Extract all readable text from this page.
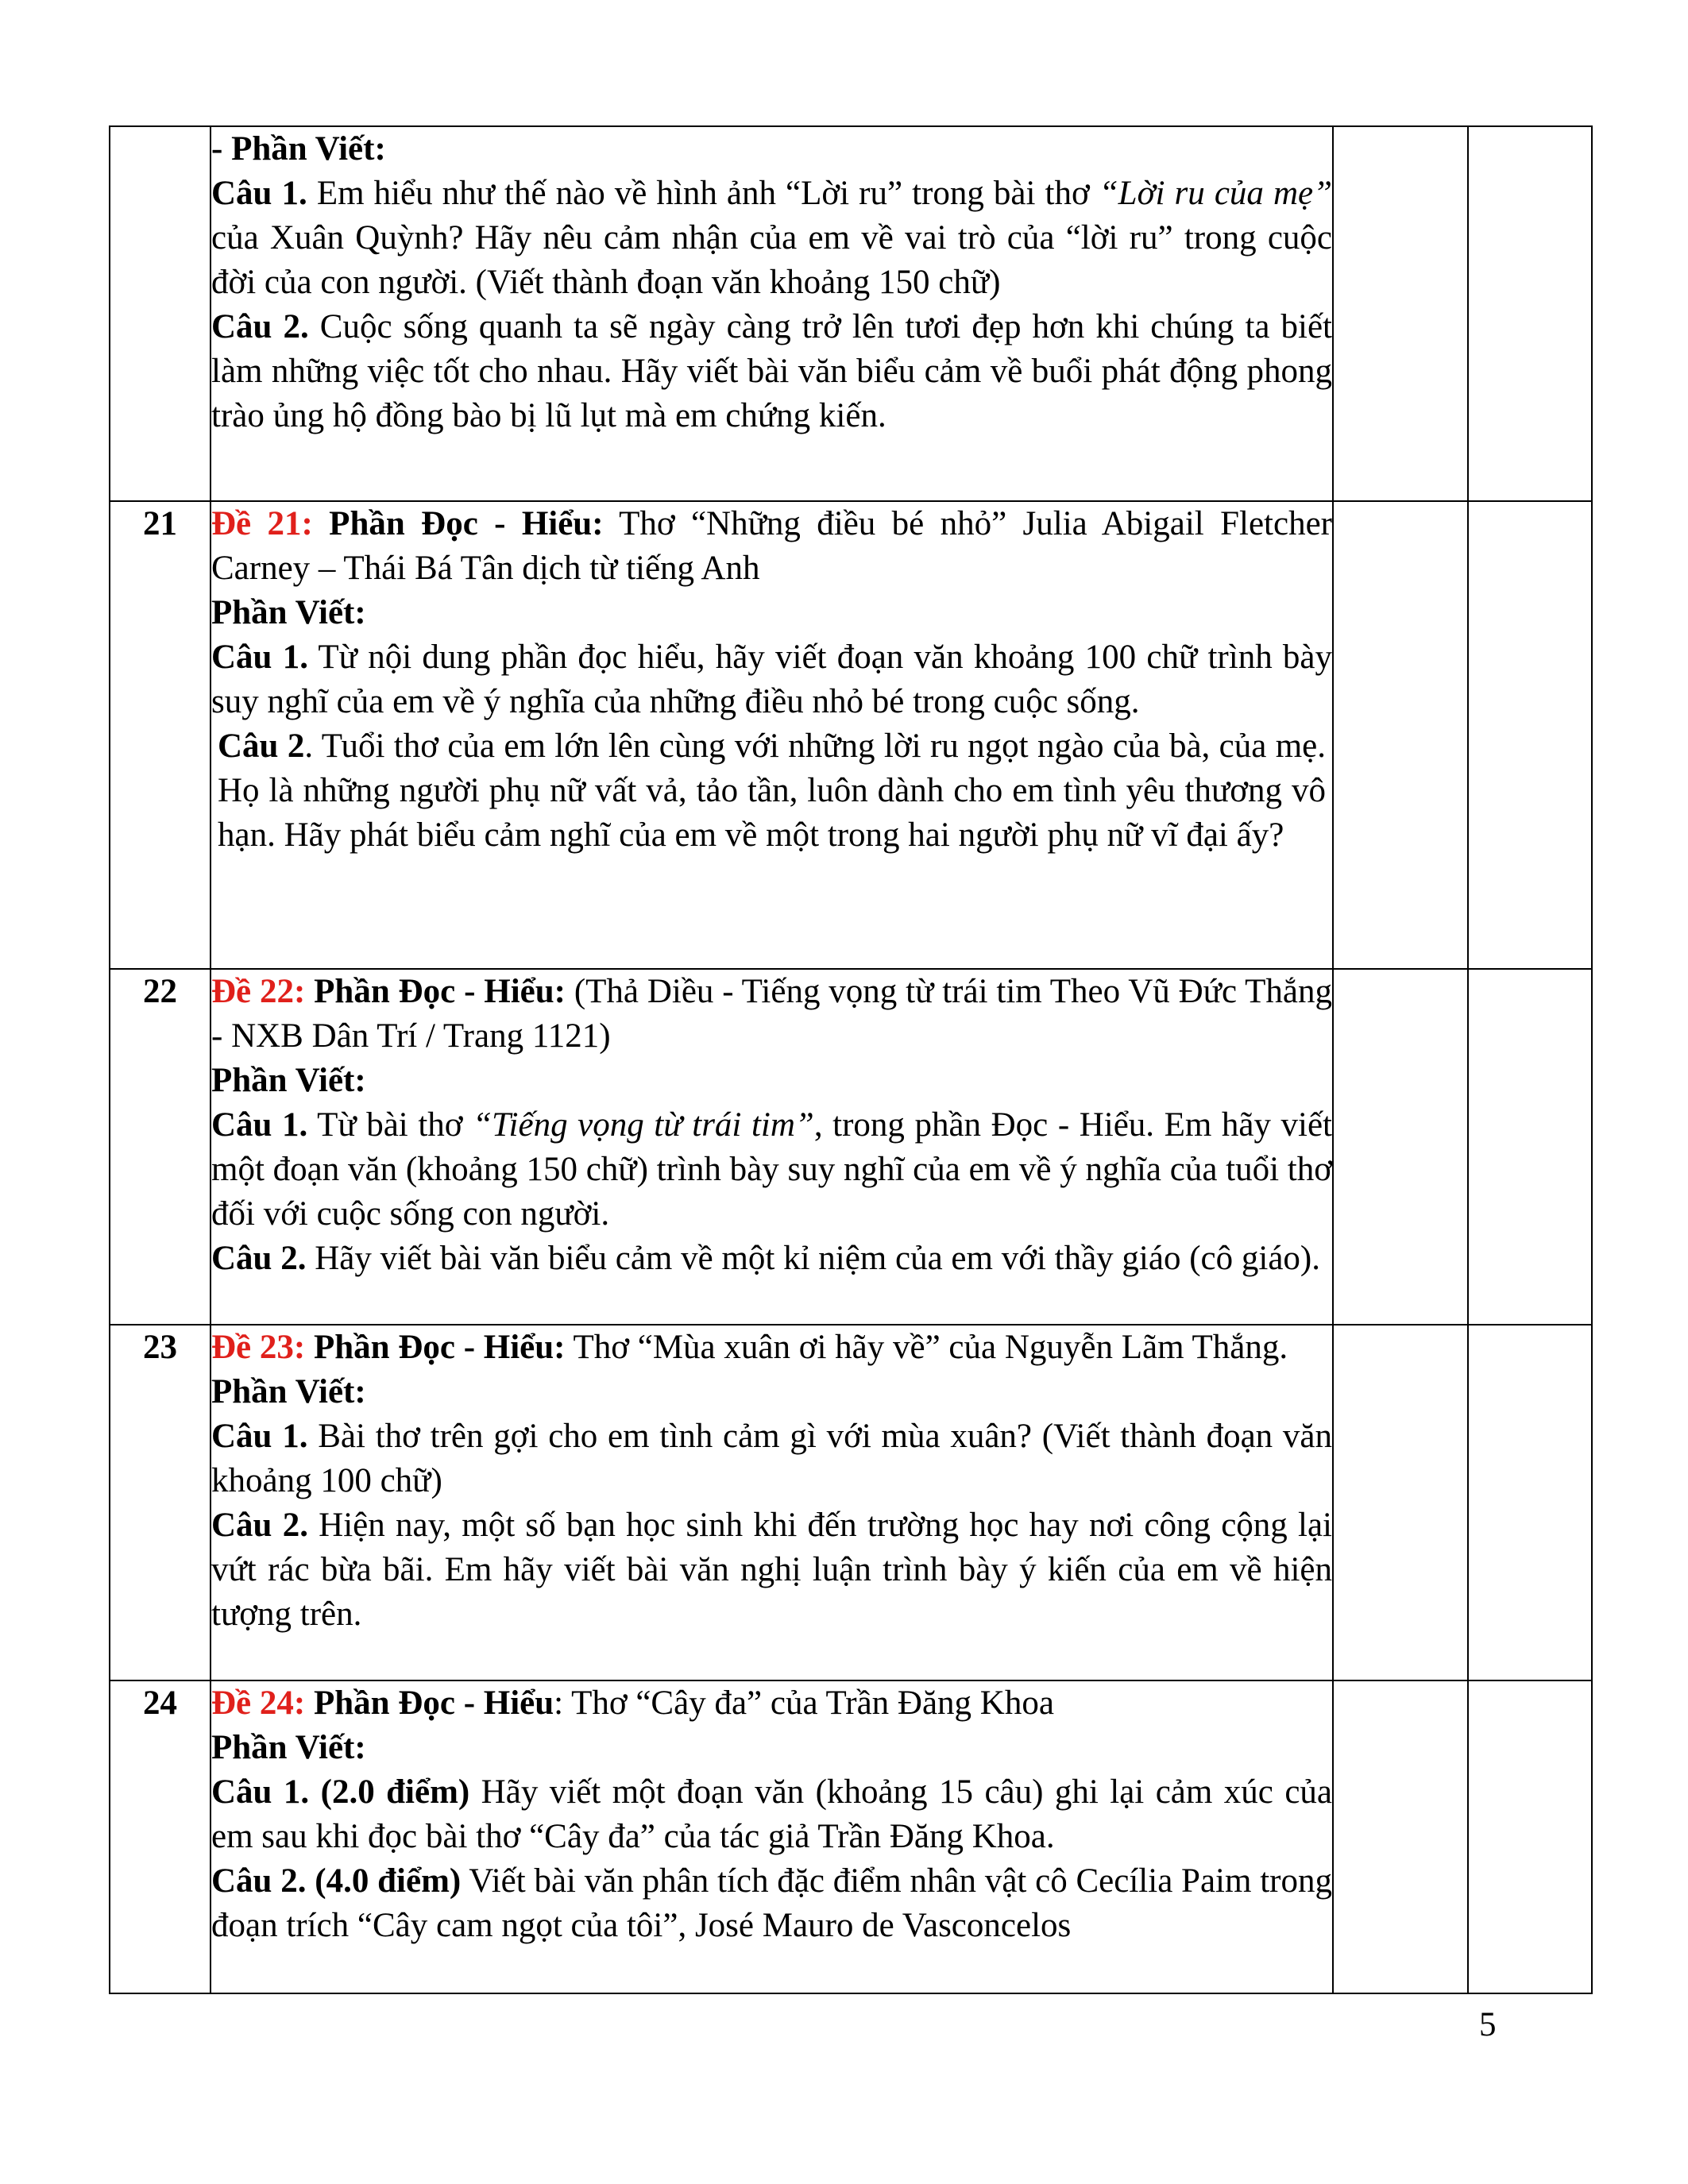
	- Phần Viết:

Câu 1. Em hiểu như thế nào về hình ảnh “Lời ru” trong bài thơ “Lời ru của mẹ” của Xuân Quỳnh? Hãy nêu cảm nhận của em về vai trò của “lời ru” trong cuộc đời của con người. (Viết thành đoạn văn khoảng 150 chữ)

Câu 2. Cuộc sống quanh ta sẽ ngày càng trở lên tươi đẹp hơn khi chúng ta biết làm những việc tốt cho nhau. Hãy viết bài văn biểu cảm về buổi phát động phong trào ủng hộ đồng bào bị lũ lụt mà em chứng kiến.		

21	Đề 21: Phần Đọc - Hiểu: Thơ “Những điều bé nhỏ” Julia Abigail Fletcher Carney – Thái Bá Tân dịch từ tiếng Anh

Phần Viết:

Câu 1. Từ nội dung phần đọc hiểu, hãy viết đoạn văn khoảng 100 chữ trình bày suy nghĩ của em về ý nghĩa của những điều nhỏ bé trong cuộc sống.

Câu 2. Tuổi thơ của em lớn lên cùng với những lời ru ngọt ngào của bà, của mẹ. Họ là những người phụ nữ vất vả, tảo tần, luôn dành cho em tình yêu thương vô hạn. Hãy phát biểu cảm nghĩ của em về một trong hai người phụ nữ vĩ đại ấy?		

22	Đề 22: Phần Đọc - Hiểu: (Thả Diều - Tiếng vọng từ trái tim Theo Vũ Đức Thắng - NXB Dân Trí / Trang 1121)

Phần Viết:

Câu 1. Từ bài thơ “Tiếng vọng từ trái tim”, trong phần Đọc - Hiểu. Em hãy viết một đoạn văn (khoảng 150 chữ) trình bày suy nghĩ của em về ý nghĩa của tuổi thơ đối với cuộc sống con người.

Câu 2. Hãy viết bài văn biểu cảm về một kỉ niệm của em với thầy giáo (cô giáo).		

23	Đề 23: Phần Đọc - Hiểu: Thơ “Mùa xuân ơi hãy về” của Nguyễn Lãm Thắng.

Phần Viết:

Câu 1. Bài thơ trên gợi cho em tình cảm gì với mùa xuân? (Viết thành đoạn văn khoảng 100 chữ)

Câu 2. Hiện nay, một số bạn học sinh khi đến trường học hay nơi công cộng lại vứt rác bừa bãi. Em hãy viết bài văn nghị luận trình bày ý kiến của em về hiện tượng trên.		

24	Đề 24: Phần Đọc - Hiểu: Thơ “Cây đa” của Trần Đăng Khoa

Phần Viết:

Câu 1. (2.0 điểm) Hãy viết một đoạn văn (khoảng 15 câu) ghi lại cảm xúc của em sau khi đọc bài thơ “Cây đa” của tác giả Trần Đăng Khoa.

Câu 2. (4.0 điểm) Viết bài văn phân tích đặc điểm nhân vật cô Cecília Paim trong đoạn trích “Cây cam ngọt của tôi”, José Mauro de Vasconcelos		

5
